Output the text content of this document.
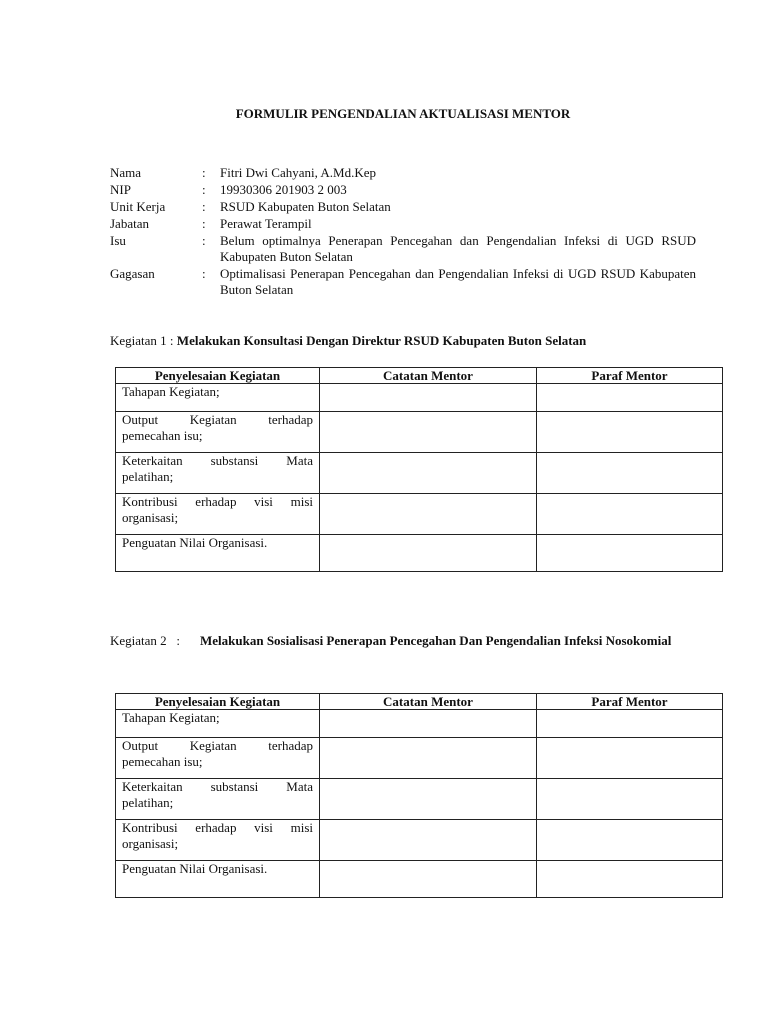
FORMULIR PENGENDALIAN AKTUALISASI MENTOR
Nama	:	Fitri Dwi Cahyani, A.Md.Kep
NIP	:	19930306 201903 2 003
Unit Kerja	:	RSUD Kabupaten Buton Selatan
Jabatan	:	Perawat Terampil
Isu	:	Belum optimalnya Penerapan Pencegahan dan Pengendalian Infeksi di UGD RSUD Kabupaten Buton Selatan
Gagasan	:	Optimalisasi Penerapan Pencegahan dan Pengendalian Infeksi di UGD RSUD Kabupaten Buton Selatan
Kegiatan 1 : Melakukan Konsultasi Dengan Direktur RSUD Kabupaten Buton Selatan
Penyelesaian Kegiatan	Catatan Mentor	Paraf Mentor
Tahapan Kegiatan;		
Output Kegiatan terhadap pemecahan isu;		
Keterkaitan substansi Mata pelatihan;		
Kontribusi erhadap visi misi organisasi;		
Penguatan Nilai Organisasi.		
Kegiatan 2 :	Melakukan Sosialisasi Penerapan Pencegahan Dan Pengendalian Infeksi Nosokomial
Penyelesaian Kegiatan	Catatan Mentor	Paraf Mentor
Tahapan Kegiatan;		
Output Kegiatan terhadap pemecahan isu;		
Keterkaitan substansi Mata pelatihan;		
Kontribusi erhadap visi misi organisasi;		
Penguatan Nilai Organisasi.		
